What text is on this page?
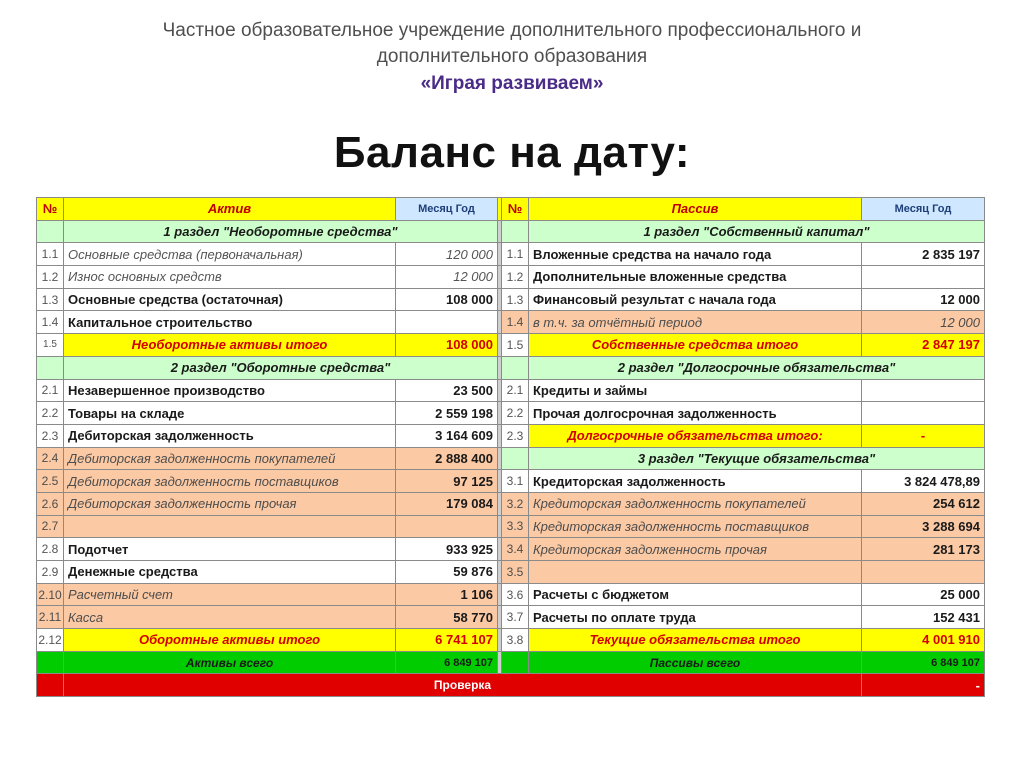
Частное образовательное учреждение дополнительного профессионального и
дополнительного образования
«Играя развиваем»
Баланс на дату:
№	Актив	Месяц Год		№	Пассив	Месяц Год
	1 раздел "Необоротные средства"				1 раздел "Собственный капитал"	
1.1	Основные средства (первоначальная)	120 000		1.1	Вложенные средства на начало года	2 835 197
1.2	Износ основных средств	12 000		1.2	Дополнительные вложенные средства	
1.3	Основные средства (остаточная)	108 000		1.3	Финансовый результат с начала года	12 000
1.4	Капитальное строительство			1.4	в т.ч. за отчётный период	12 000
1.5	Необоротные активы итого	108 000		1.5	Собственные средства итого	2 847 197
	2 раздел "Оборотные средства"				2 раздел "Долгосрочные обязательства"	
2.1	Незавершенное производство	23 500		2.1	Кредиты и займы	
2.2	Товары на складе	2 559 198		2.2	Прочая долгосрочная задолженность	
2.3	Дебиторская задолженность	3 164 609		2.3	Долгосрочные обязательства итого:	-
2.4	Дебиторская задолженность покупателей	2 888 400			3 раздел "Текущие обязательства"	
2.5	Дебиторская задолженность поставщиков	97 125		3.1	Кредиторская задолженность	3 824 478,89
2.6	Дебиторская задолженность прочая	179 084		3.2	Кредиторская задолженность покупателей	254 612
2.7				3.3	Кредиторская задолженность поставщиков	3 288 694
2.8	Подотчет	933 925		3.4	Кредиторская задолженность прочая	281 173
2.9	Денежные средства	59 876		3.5		
2.10	Расчетный счет	1 106		3.6	Расчеты с бюджетом	25 000
2.11	Касса	58 770		3.7	Расчеты по оплате труда	152 431
2.12	Оборотные активы итого	6 741 107		3.8	Текущие обязательства итого	4 001 910
	Активы всего	6 849 107			Пассивы всего	6 849 107
	Проверка					-
